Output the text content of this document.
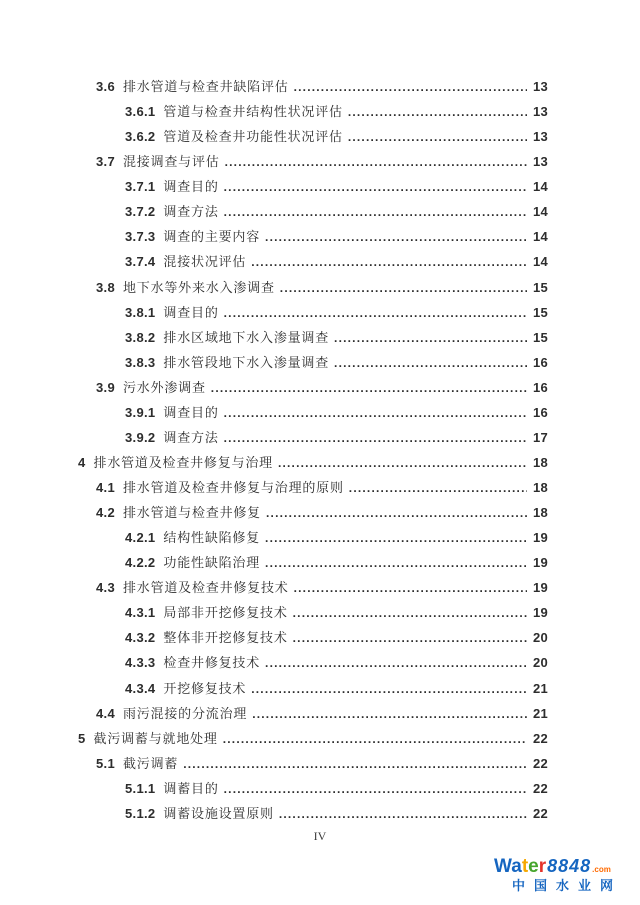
3.6 排水管道与检查井缺陷评估 .....	13
3.6.1 管道与检查井结构性状况评估 .....	13
3.6.2 管道及检查井功能性状况评估 .....	13
3.7 混接调查与评估 .....	13
3.7.1 调查目的 .....	14
3.7.2 调查方法 .....	14
3.7.3 调查的主要内容 .....	14
3.7.4 混接状况评估 .....	14
3.8 地下水等外来水入渗调查 .....	15
3.8.1 调查目的 .....	15
3.8.2 排水区域地下水入渗量调查 .....	15
3.8.3 排水管段地下水入渗量调查 .....	16
3.9 污水外渗调查 .....	16
3.9.1 调查目的 .....	16
3.9.2 调查方法 .....	17
4 排水管道及检查井修复与治理 .....	18
4.1 排水管道及检查井修复与治理的原则 .....	18
4.2 排水管道与检查井修复 .....	18
4.2.1 结构性缺陷修复 .....	19
4.2.2 功能性缺陷治理 .....	19
4.3 排水管道及检查井修复技术 .....	19
4.3.1 局部非开挖修复技术 .....	19
4.3.2 整体非开挖修复技术 .....	20
4.3.3 检查井修复技术 .....	20
4.3.4 开挖修复技术 .....	21
4.4 雨污混接的分流治理 .....	21
5 截污调蓄与就地处理 .....	22
5.1 截污调蓄 .....	22
5.1.1 调蓄目的 .....	22
5.1.2 调蓄设施设置原则 .....	22
IV
Water 8848 .com
中国水业网
